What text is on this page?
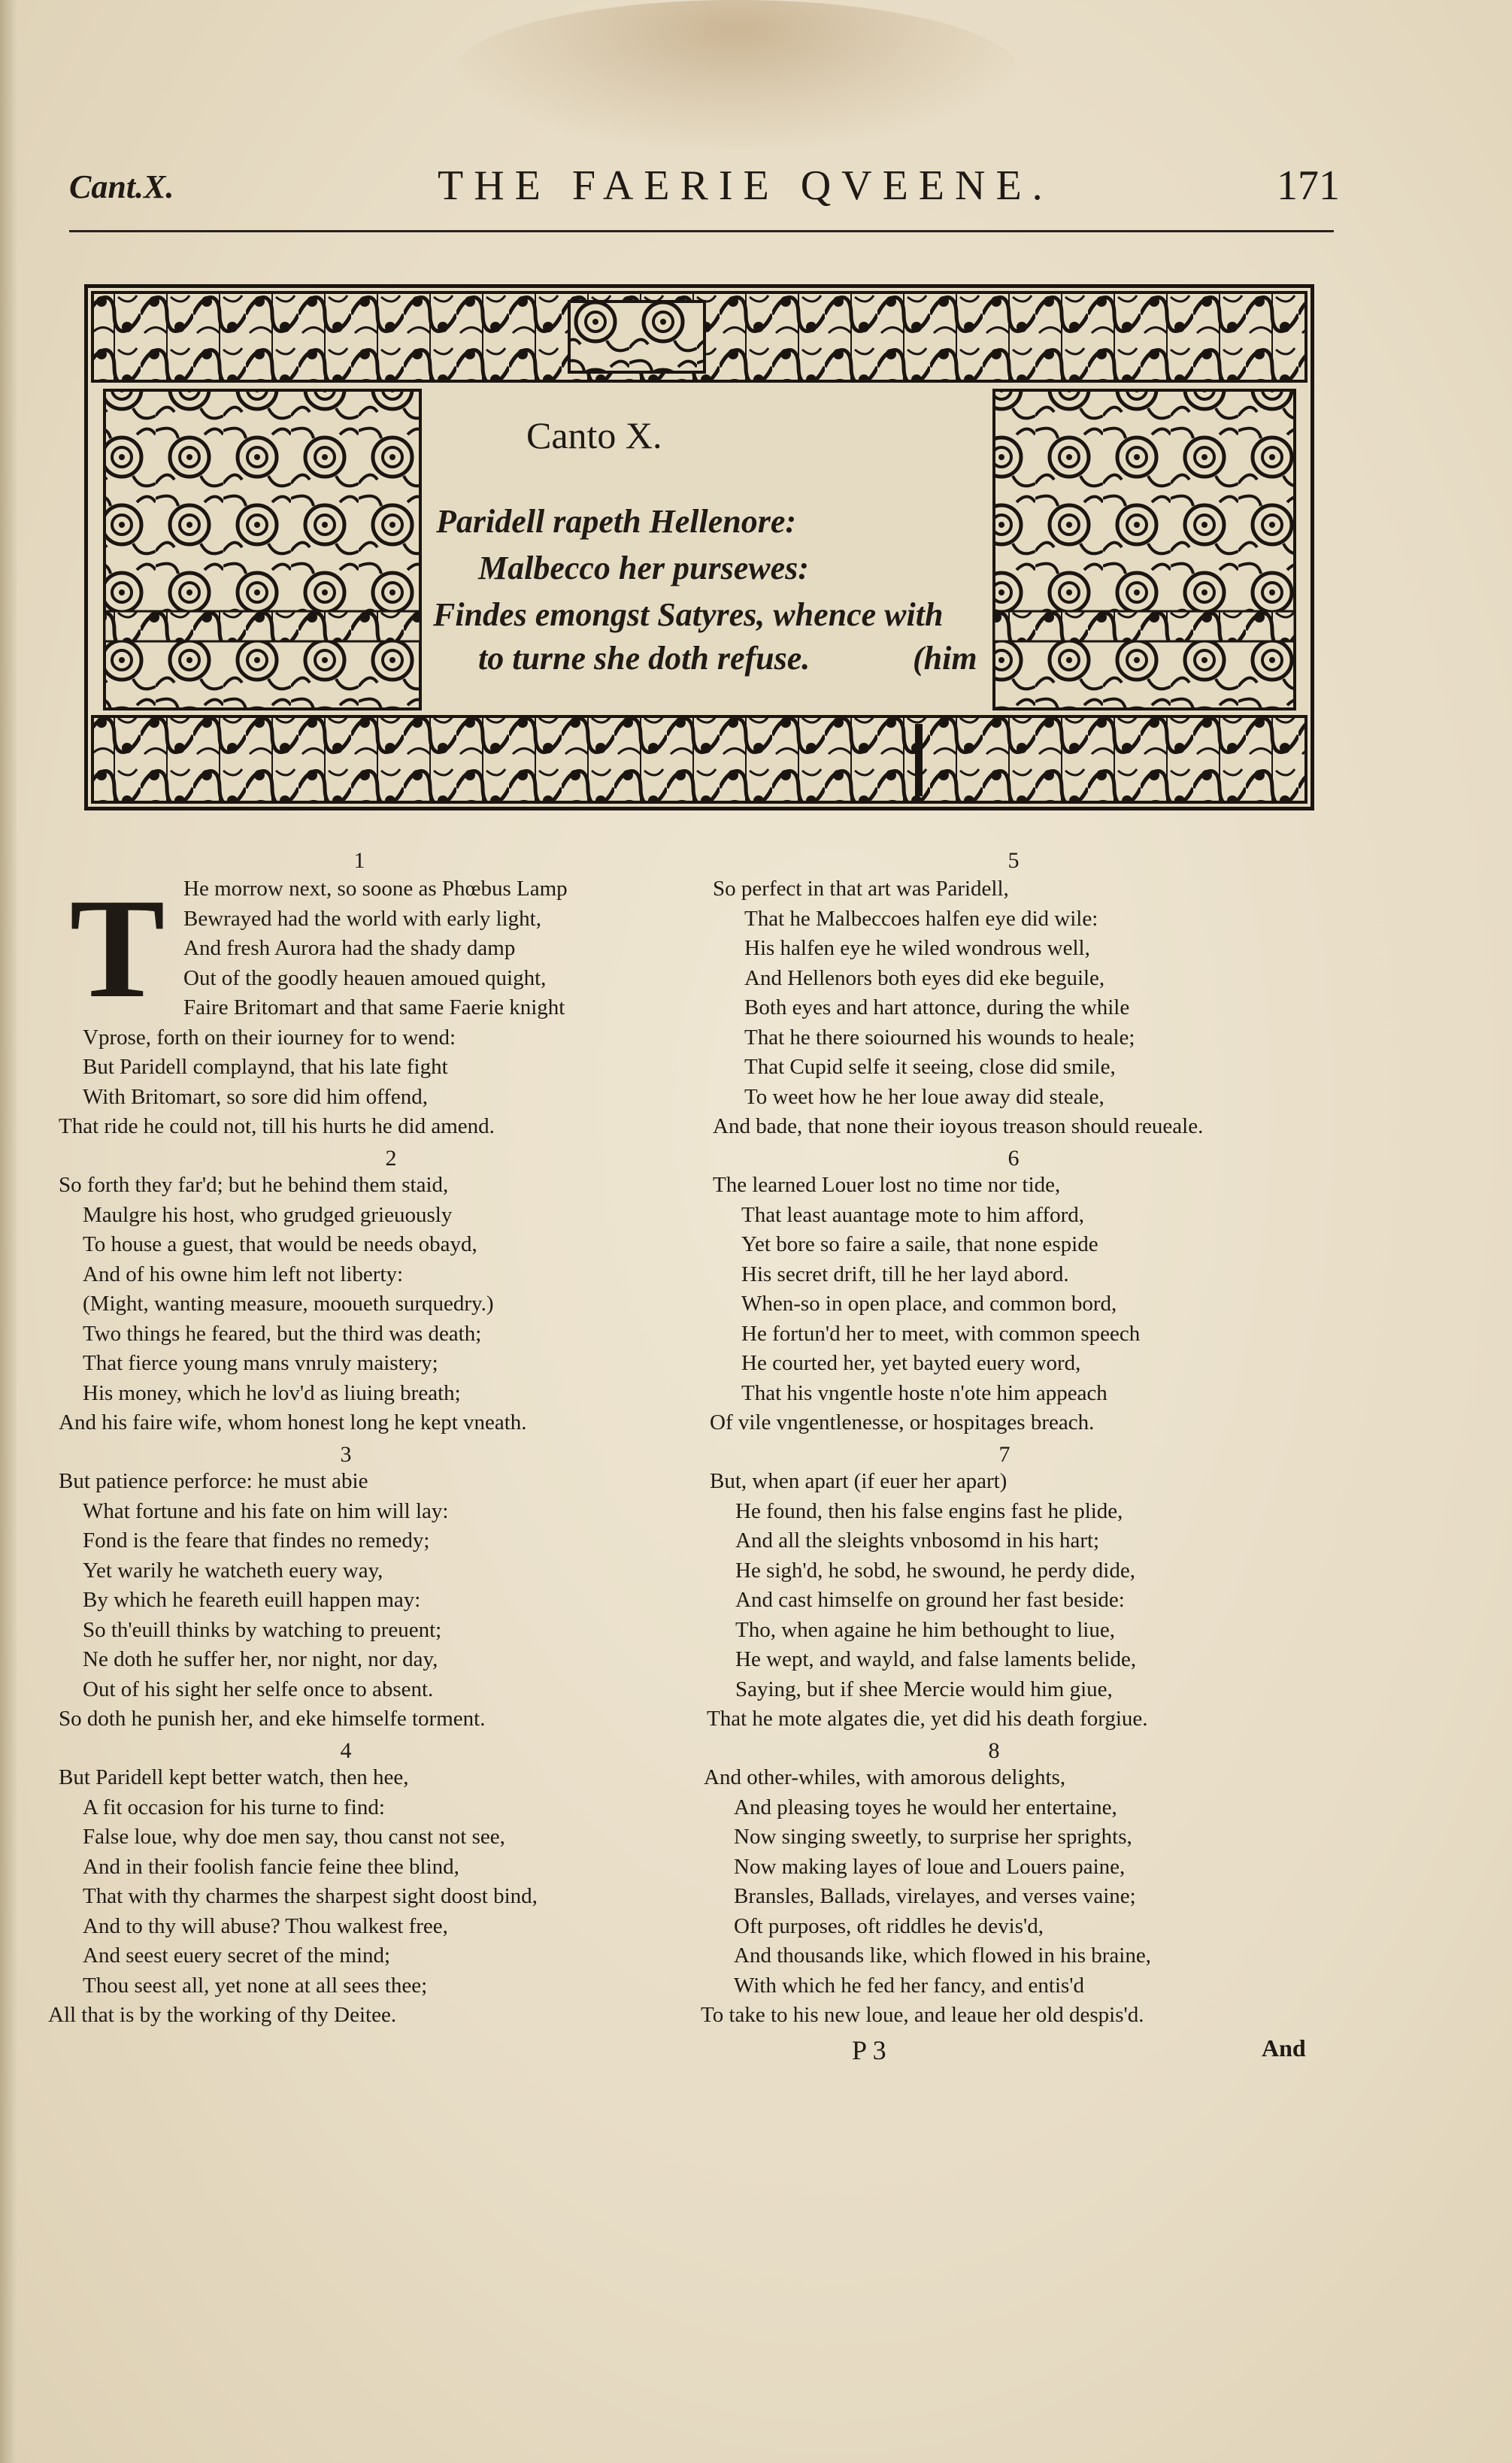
Cant.X.	THE FAERIE QVEENE.	171
Canto X.
Paridell rapeth Hellenore:
Malbecco her pursewes:
Findes emongst Satyres, whence with
to turne she doth refuse.	(him
T
1
He morrow next, so soone as Phœbus Lamp
Bewrayed had the world with early light,
And fresh Aurora had the shady damp
Out of the goodly heauen amoued quight,
Faire Britomart and that same Faerie knight
Vprose, forth on their iourney for to wend:
But Paridell complaynd, that his late fight
With Britomart, so sore did him offend,
That ride he could not, till his hurts he did amend.
2
So forth they far'd; but he behind them staid,
Maulgre his host, who grudged grieuously
To house a guest, that would be needs obayd,
And of his owne him left not liberty:
(Might, wanting measure, mooueth surquedry.)
Two things he feared, but the third was death;
That fierce young mans vnruly maistery;
His money, which he lov'd as liuing breath;
And his faire wife, whom honest long he kept vneath.
3
But patience perforce: he must abie
What fortune and his fate on him will lay:
Fond is the feare that findes no remedy;
Yet warily he watcheth euery way,
By which he feareth euill happen may:
So th'euill thinks by watching to preuent;
Ne doth he suffer her, nor night, nor day,
Out of his sight her selfe once to absent.
So doth he punish her, and eke himselfe torment.
4
But Paridell kept better watch, then hee,
A fit occasion for his turne to find:
False loue, why doe men say, thou canst not see,
And in their foolish fancie feine thee blind,
That with thy charmes the sharpest sight doost bind,
And to thy will abuse? Thou walkest free,
And seest euery secret of the mind;
Thou seest all, yet none at all sees thee;
All that is by the working of thy Deitee.
5
So perfect in that art was Paridell,
That he Malbeccoes halfen eye did wile:
His halfen eye he wiled wondrous well,
And Hellenors both eyes did eke beguile,
Both eyes and hart attonce, during the while
That he there soiourned his wounds to heale;
That Cupid selfe it seeing, close did smile,
To weet how he her loue away did steale,
And bade, that none their ioyous treason should reueale.
6
The learned Louer lost no time nor tide,
That least auantage mote to him afford,
Yet bore so faire a saile, that none espide
His secret drift, till he her layd abord.
When-so in open place, and common bord,
He fortun'd her to meet, with common speech
He courted her, yet bayted euery word,
That his vngentle hoste n'ote him appeach
Of vile vngentlenesse, or hospitages breach.
7
But, when apart (if euer her apart)
He found, then his false engins fast he plide,
And all the sleights vnbosomd in his hart;
He sigh'd, he sobd, he swound, he perdy dide,
And cast himselfe on ground her fast beside:
Tho, when againe he him bethought to liue,
He wept, and wayld, and false laments belide,
Saying, but if shee Mercie would him giue,
That he mote algates die, yet did his death forgiue.
8
And other-whiles, with amorous delights,
And pleasing toyes he would her entertaine,
Now singing sweetly, to surprise her sprights,
Now making layes of loue and Louers paine,
Bransles, Ballads, virelayes, and verses vaine;
Oft purposes, oft riddles he devis'd,
And thousands like, which flowed in his braine,
With which he fed her fancy, and entis'd
To take to his new loue, and leaue her old despis'd.
P 3	And
